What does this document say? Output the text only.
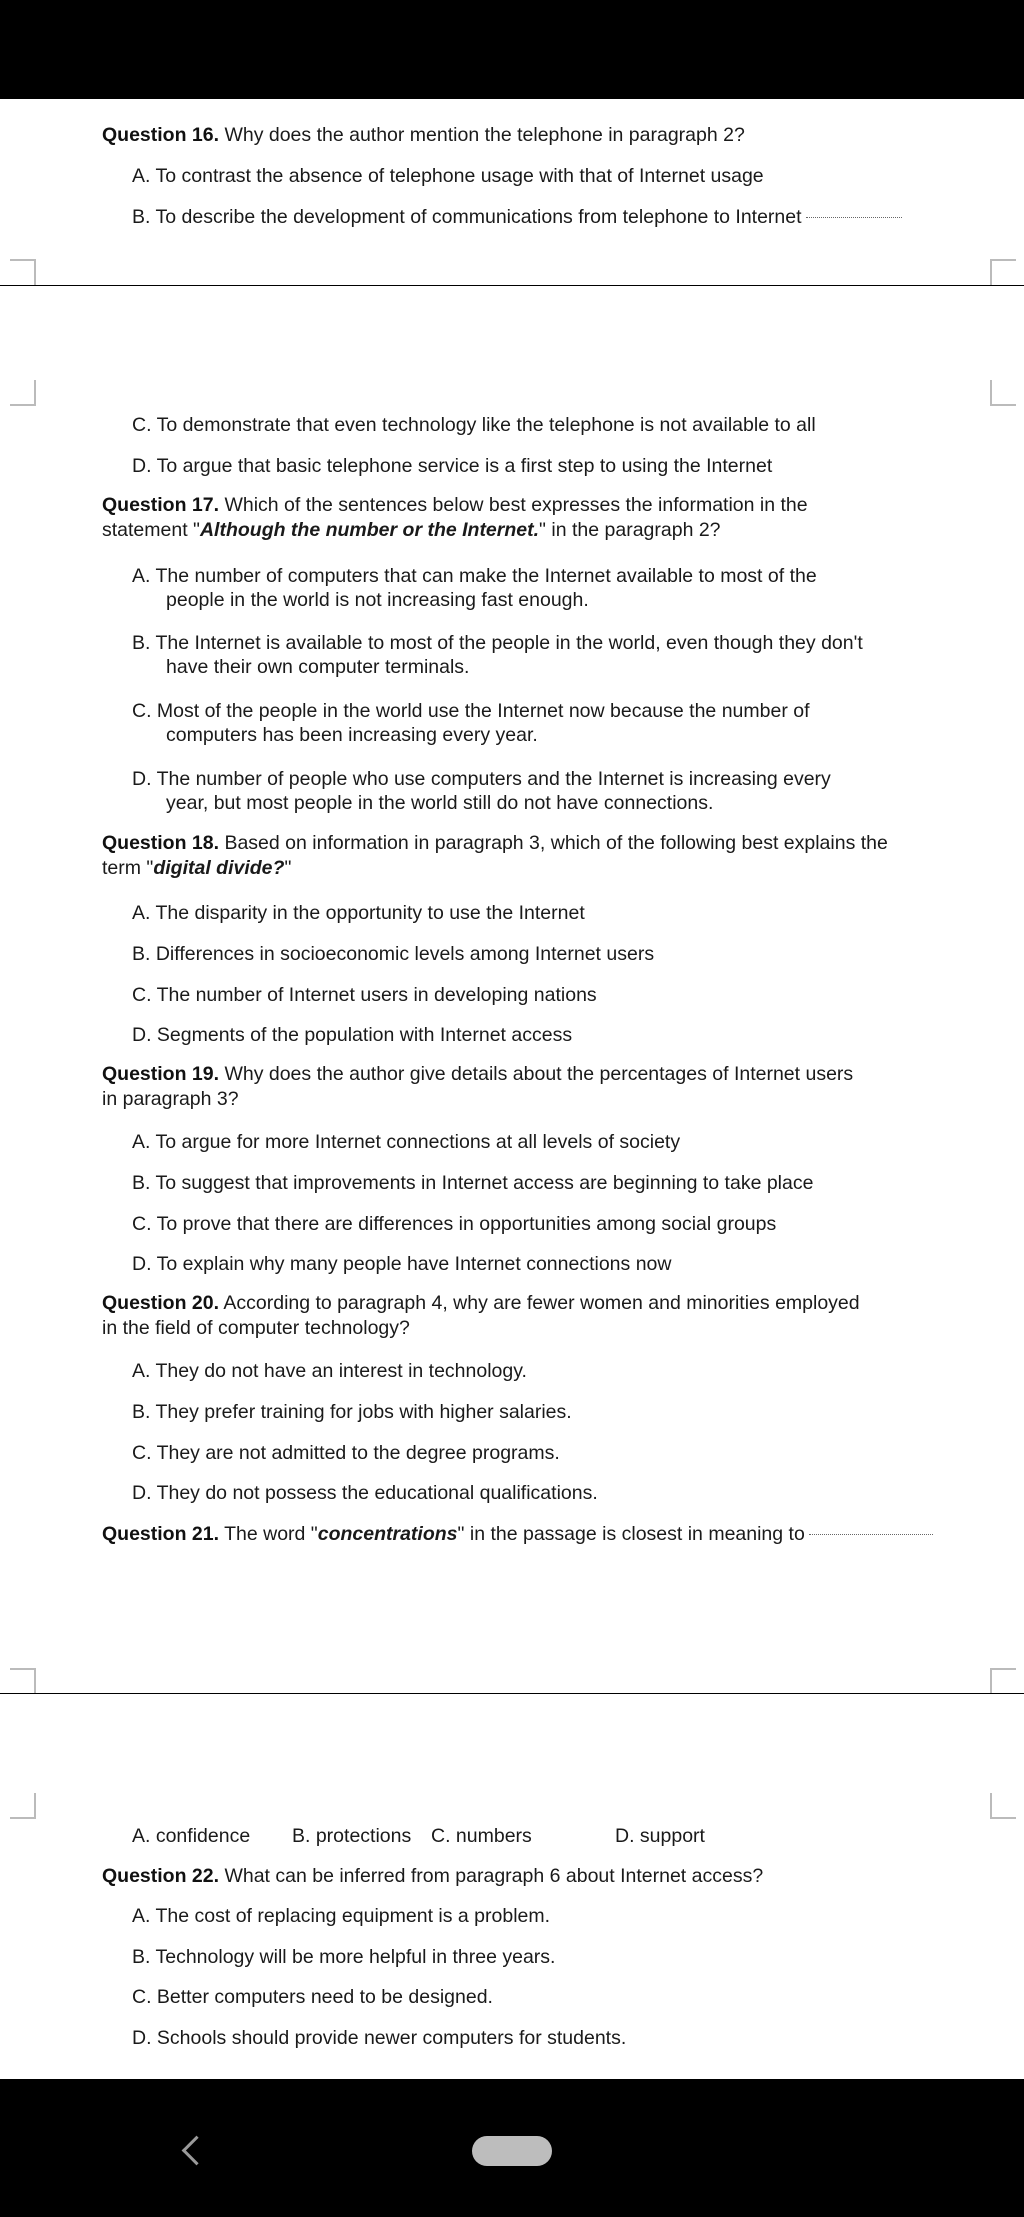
Question 16. Why does the author mention the telephone in paragraph 2?
A. To contrast the absence of telephone usage with that of Internet usage
B. To describe the development of communications from telephone to Internet
C. To demonstrate that even technology like the telephone is not available to all
D. To argue that basic telephone service is a first step to using the Internet
Question 17. Which of the sentences below best expresses the information in the
statement "Although the number or the Internet." in the paragraph 2?
A. The number of computers that can make the Internet available to most of the
people in the world is not increasing fast enough.
B. The Internet is available to most of the people in the world, even though they don't
have their own computer terminals.
C. Most of the people in the world use the Internet now because the number of
computers has been increasing every year.
D. The number of people who use computers and the Internet is increasing every
year, but most people in the world still do not have connections.
Question 18. Based on information in paragraph 3, which of the following best explains the
term "digital divide?"
A. The disparity in the opportunity to use the Internet
B. Differences in socioeconomic levels among Internet users
C. The number of Internet users in developing nations
D. Segments of the population with Internet access
Question 19. Why does the author give details about the percentages of Internet users
in paragraph 3?
A. To argue for more Internet connections at all levels of society
B. To suggest that improvements in Internet access are beginning to take place
C. To prove that there are differences in opportunities among social groups
D. To explain why many people have Internet connections now
Question 20. According to paragraph 4, why are fewer women and minorities employed
in the field of computer technology?
A. They do not have an interest in technology.
B. They prefer training for jobs with higher salaries.
C. They are not admitted to the degree programs.
D. They do not possess the educational qualifications.
Question 21. The word "concentrations" in the passage is closest in meaning to
A. confidence B. protections C. numbers	D. support
Question 22. What can be inferred from paragraph 6 about Internet access?
A. The cost of replacing equipment is a problem.
B. Technology will be more helpful in three years.
C. Better computers need to be designed.
D. Schools should provide newer computers for students.
